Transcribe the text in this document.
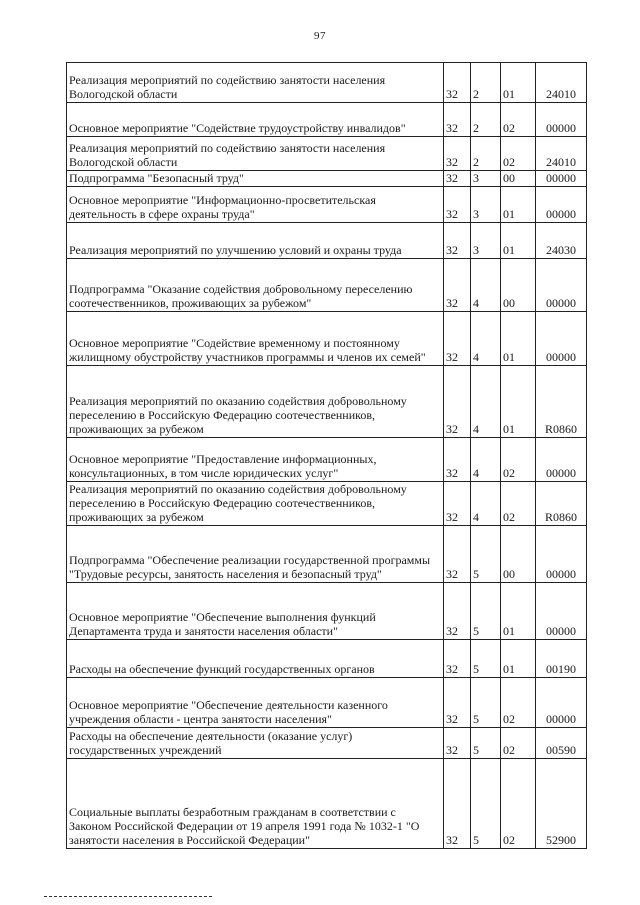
97
Реализация мероприятий по содействию занятости населения Вологодской области	32	2	01	24010
Основное мероприятие "Содействие трудоустройству инвалидов"	32	2	02	00000
Реализация мероприятий по содействию занятости населения Вологодской области	32	2	02	24010
Подпрограмма "Безопасный труд"	32	3	00	00000
Основное мероприятие "Информационно-просветительская деятельность в сфере охраны труда"	32	3	01	00000
Реализация мероприятий по улучшению условий и охраны труда	32	3	01	24030
Подпрограмма "Оказание содействия добровольному переселению соотечественников, проживающих за рубежом"	32	4	00	00000
Основное мероприятие "Содействие временному и постоянному жилищному обустройству участников программы и членов их семей"	32	4	01	00000
Реализация мероприятий по оказанию содействия добровольному переселению в Российскую Федерацию соотечественников, проживающих за рубежом	32	4	01	R0860
Основное мероприятие "Предоставление информационных, консультационных, в том числе юридических услуг"	32	4	02	00000
Реализация мероприятий по оказанию содействия добровольному переселению в Российскую Федерацию соотечественников, проживающих за рубежом	32	4	02	R0860
Подпрограмма "Обеспечение реализации государственной программы "Трудовые ресурсы, занятость населения и безопасный труд"	32	5	00	00000
Основное мероприятие "Обеспечение выполнения функций Департамента труда и занятости населения области"	32	5	01	00000
Расходы на обеспечение функций государственных органов	32	5	01	00190
Основное мероприятие "Обеспечение деятельности казенного учреждения области - центра занятости населения"	32	5	02	00000
Расходы на обеспечение деятельности (оказание услуг) государственных учреждений	32	5	02	00590
Социальные выплаты безработным гражданам в соответствии с Законом Российской Федерации от 19 апреля 1991 года № 1032-1 "О занятости населения в Российской Федерации"	32	5	02	52900
